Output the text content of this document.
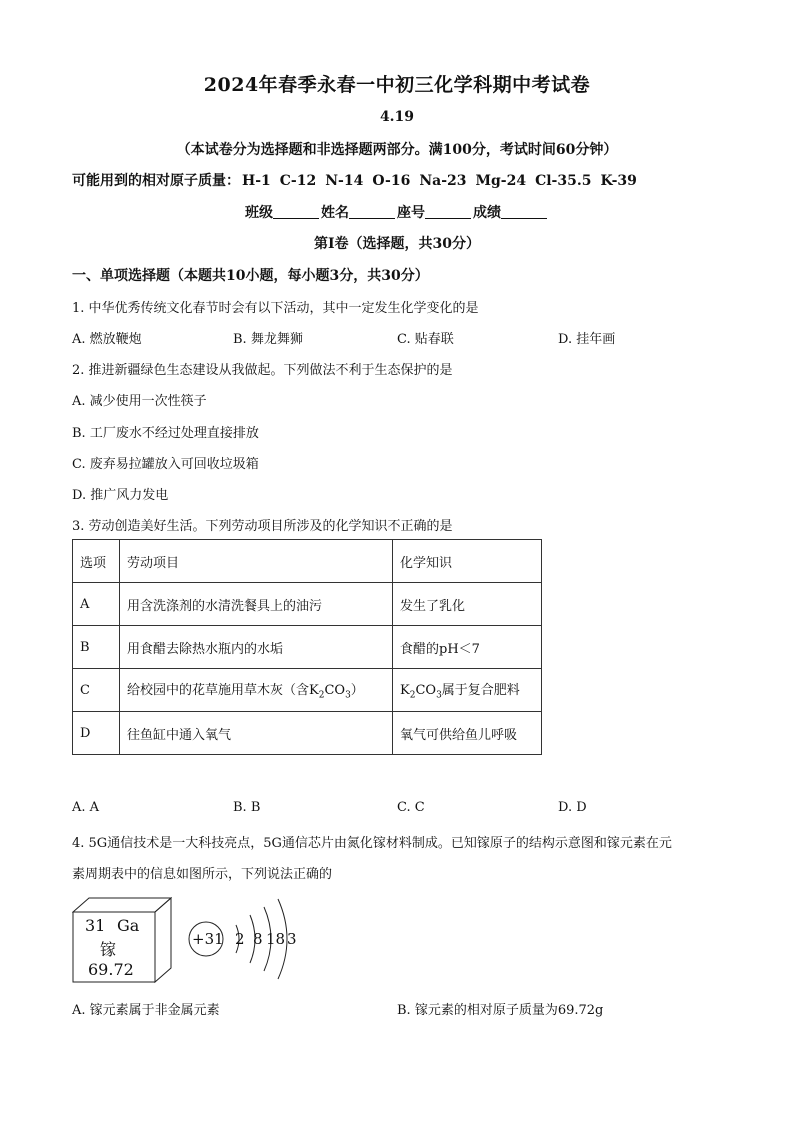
2024年春季永春一中初三化学科期中考试卷
4.19
（本试卷分为选择题和非选择题两部分。满100分，考试时间60分钟）
可能用到的相对原子质量： H-1 C-12 N-14 O-16 Na-23 Mg-24 Cl-35.5 K-39
班级	姓名	座号	成绩
第Ⅰ卷（选择题，共30分）
一、单项选择题（本题共10小题，每小题3分，共30分）
1. 中华优秀传统文化春节时会有以下活动，其中一定发生化学变化的是
A. 燃放鞭炮	B. 舞龙舞狮	C. 贴春联	D. 挂年画
2. 推进新疆绿色生态建设从我做起。下列做法不利于生态保护的是
A. 减少使用一次性筷子
B. 工厂废水不经过处理直接排放
C. 废弃易拉罐放入可回收垃圾箱
D. 推广风力发电
3. 劳动创造美好生活。下列劳动项目所涉及的化学知识不正确的是
选项	劳动项目	化学知识
A	用含洗涤剂的水清洗餐具上的油污	发生了乳化
B	用食醋去除热水瓶内的水垢	食醋的pH＜7
C	给校园中的花草施用草木灰（含$K_2CO_3$）	$K_2CO_3$属于复合肥料
D	往鱼缸中通入氧气	氧气可供给鱼儿呼吸
A. A	B. B	C. C	D. D
4. 5G通信技术是一大科技亮点，5G通信芯片由氮化镓材料制成。已知镓原子的结构示意图和镓元素在元
素周期表中的信息如图所示，下列说法正确的
31 Ga
镓
69.72
+31 2 8 18 3
A. 镓元素属于非金属元素	B. 镓元素的相对原子质量为69.72g
